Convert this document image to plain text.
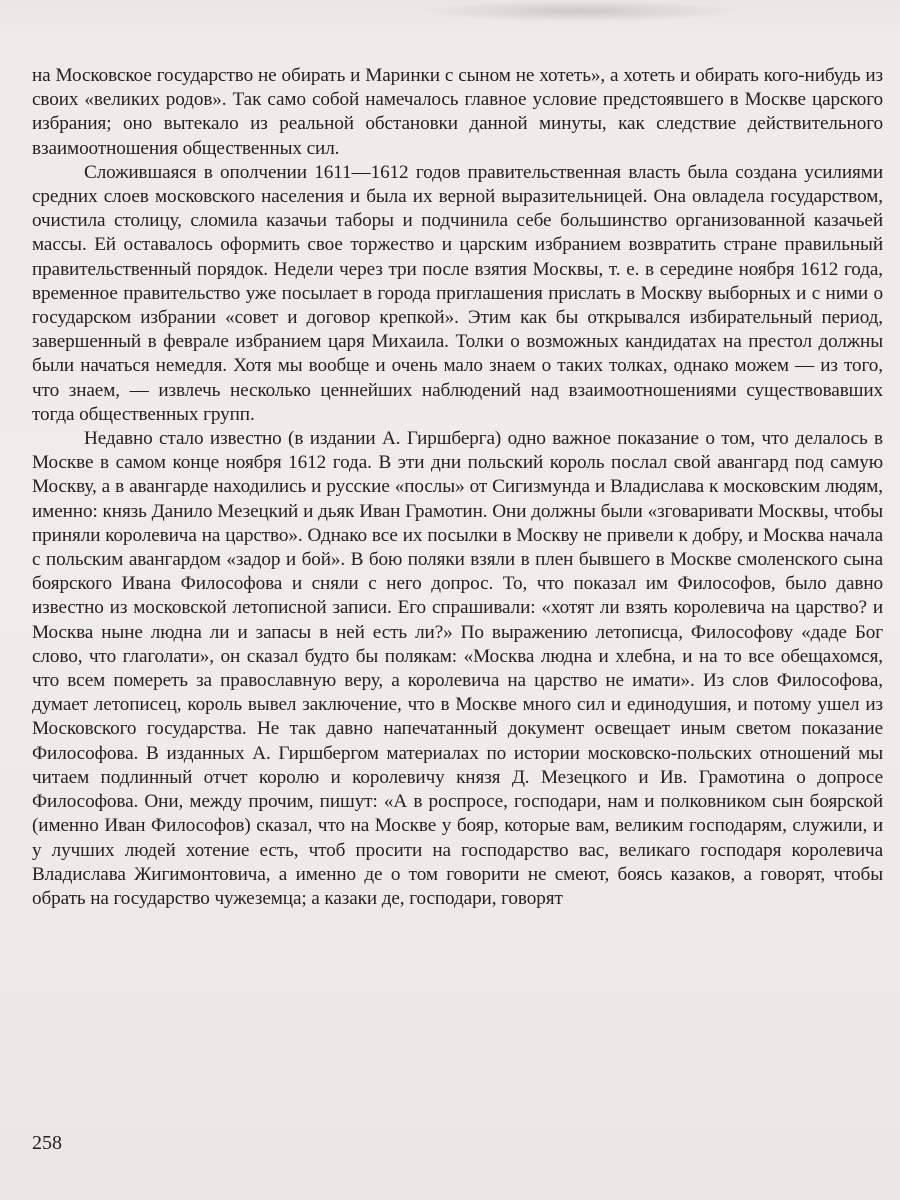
на Московское государство не обирать и Маринки с сыном не хотеть», а хотеть и обирать кого-нибудь из своих «великих родов». Так само собой намечалось главное условие предстоявшего в Москве царского избрания; оно вытекало из реальной обстановки данной минуты, как следствие действительного взаимоотношения общественных сил.

Сложившаяся в ополчении 1611—1612 годов правительственная власть была создана усилиями средних слоев московского населения и была их верной выразительницей. Она овладела государством, очистила столицу, сломила казачьи таборы и подчинила себе большинство организованной казачьей массы. Ей оставалось оформить свое торжество и царским избранием возвратить стране правильный правительственный порядок. Недели через три после взятия Москвы, т. е. в середине ноября 1612 года, временное правительство уже посылает в города приглашения прислать в Москву выборных и с ними о государском избрании «совет и договор крепкой». Этим как бы открывался избирательный период, завершенный в феврале избранием царя Михаила. Толки о возможных кандидатах на престол должны были начаться немедля. Хотя мы вообще и очень мало знаем о таких толках, однако можем — из того, что знаем, — извлечь несколько ценнейших наблюдений над взаимоотношениями существовавших тогда общественных групп.

Недавно стало известно (в издании А. Гиршберга) одно важное показание о том, что делалось в Москве в самом конце ноября 1612 года. В эти дни польский король послал свой авангард под самую Москву, а в авангарде находились и русские «послы» от Сигизмунда и Владислава к московским людям, именно: князь Данило Мезецкий и дьяк Иван Грамотин. Они должны были «зговаривати Москвы, чтобы приняли королевича на царство». Однако все их посылки в Москву не привели к добру, и Москва начала с польским авангардом «задор и бой». В бою поляки взяли в плен бывшего в Москве смоленского сына боярского Ивана Философова и сняли с него допрос. То, что показал им Философов, было давно известно из московской летописной записи. Его спрашивали: «хотят ли взять королевича на царство? и Москва ныне людна ли и запасы в ней есть ли?» По выражению летописца, Философову «даде Бог слово, что глаголати», он сказал будто бы полякам: «Москва людна и хлебна, и на то все обещахомся, что всем помереть за православную веру, а королевича на царство не имати». Из слов Философова, думает летописец, король вывел заключение, что в Москве много сил и единодушия, и потому ушел из Московского государства. Не так давно напечатанный документ освещает иным светом показание Философова. В изданных А. Гиршбергом материалах по истории московско-польских отношений мы читаем подлинный отчет королю и королевичу князя Д. Мезецкого и Ив. Грамотина о допросе Философова. Они, между прочим, пишут: «А в роспросе, господари, нам и полковником сын боярской (именно Иван Философов) сказал, что на Москве у бояр, которые вам, великим господарям, служили, и у лучших людей хотение есть, чтоб просити на господарство вас, великаго господаря королевича Владислава Жигимонтовича, а именно де о том говорити не смеют, боясь казаков, а говорят, чтобы обрать на государство чужеземца; а казаки де, господари, говорят

258
